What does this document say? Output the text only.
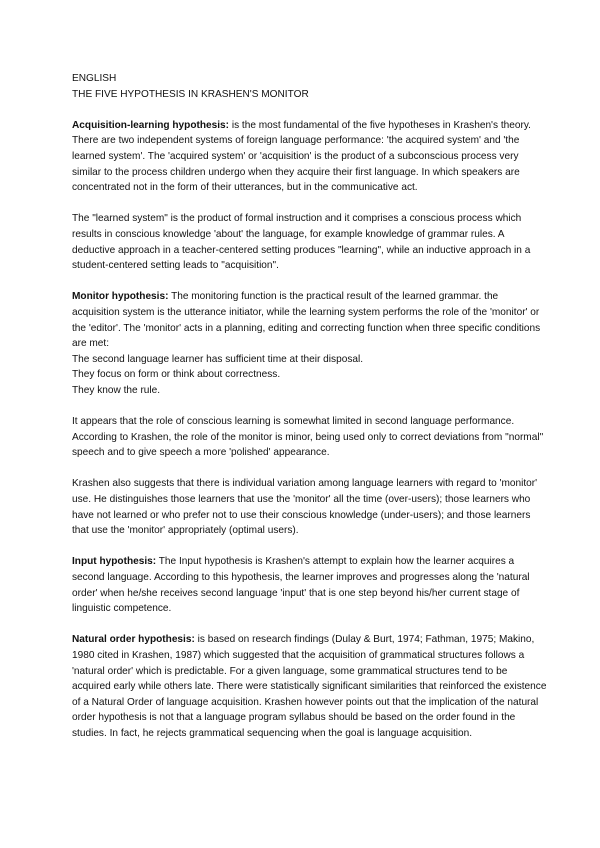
ENGLISH
THE FIVE HYPOTHESIS IN KRASHEN'S MONITOR

Acquisition-learning hypothesis: is the most fundamental of the five hypotheses in Krashen's theory. There are two independent systems of foreign language performance: 'the acquired system' and 'the learned system'. The 'acquired system' or 'acquisition' is the product of a subconscious process very similar to the process children undergo when they acquire their first language. In which speakers are concentrated not in the form of their utterances, but in the communicative act.

The "learned system" is the product of formal instruction and it comprises a conscious process which results in conscious knowledge 'about' the language, for example knowledge of grammar rules. A deductive approach in a teacher-centered setting produces "learning", while an inductive approach in a student-centered setting leads to "acquisition".

Monitor hypothesis: The monitoring function is the practical result of the learned grammar. the acquisition system is the utterance initiator, while the learning system performs the role of the 'monitor' or the 'editor'. The 'monitor' acts in a planning, editing and correcting function when three specific conditions are met:

The second language learner has sufficient time at their disposal.
They focus on form or think about correctness.
They know the rule.

It appears that the role of conscious learning is somewhat limited in second language performance. According to Krashen, the role of the monitor is minor, being used only to correct deviations from "normal" speech and to give speech a more 'polished' appearance.

Krashen also suggests that there is individual variation among language learners with regard to 'monitor' use. He distinguishes those learners that use the 'monitor' all the time (over-users); those learners who have not learned or who prefer not to use their conscious knowledge (under-users); and those learners that use the 'monitor' appropriately (optimal users).

Input hypothesis: The Input hypothesis is Krashen's attempt to explain how the learner acquires a second language. According to this hypothesis, the learner improves and progresses along the 'natural order' when he/she receives second language 'input' that is one step beyond his/her current stage of linguistic competence.

Natural order hypothesis: is based on research findings (Dulay & Burt, 1974; Fathman, 1975; Makino, 1980 cited in Krashen, 1987) which suggested that the acquisition of grammatical structures follows a 'natural order' which is predictable. For a given language, some grammatical structures tend to be acquired early while others late. There were statistically significant similarities that reinforced the existence of a Natural Order of language acquisition. Krashen however points out that the implication of the natural order hypothesis is not that a language program syllabus should be based on the order found in the studies. In fact, he rejects grammatical sequencing when the goal is language acquisition.
